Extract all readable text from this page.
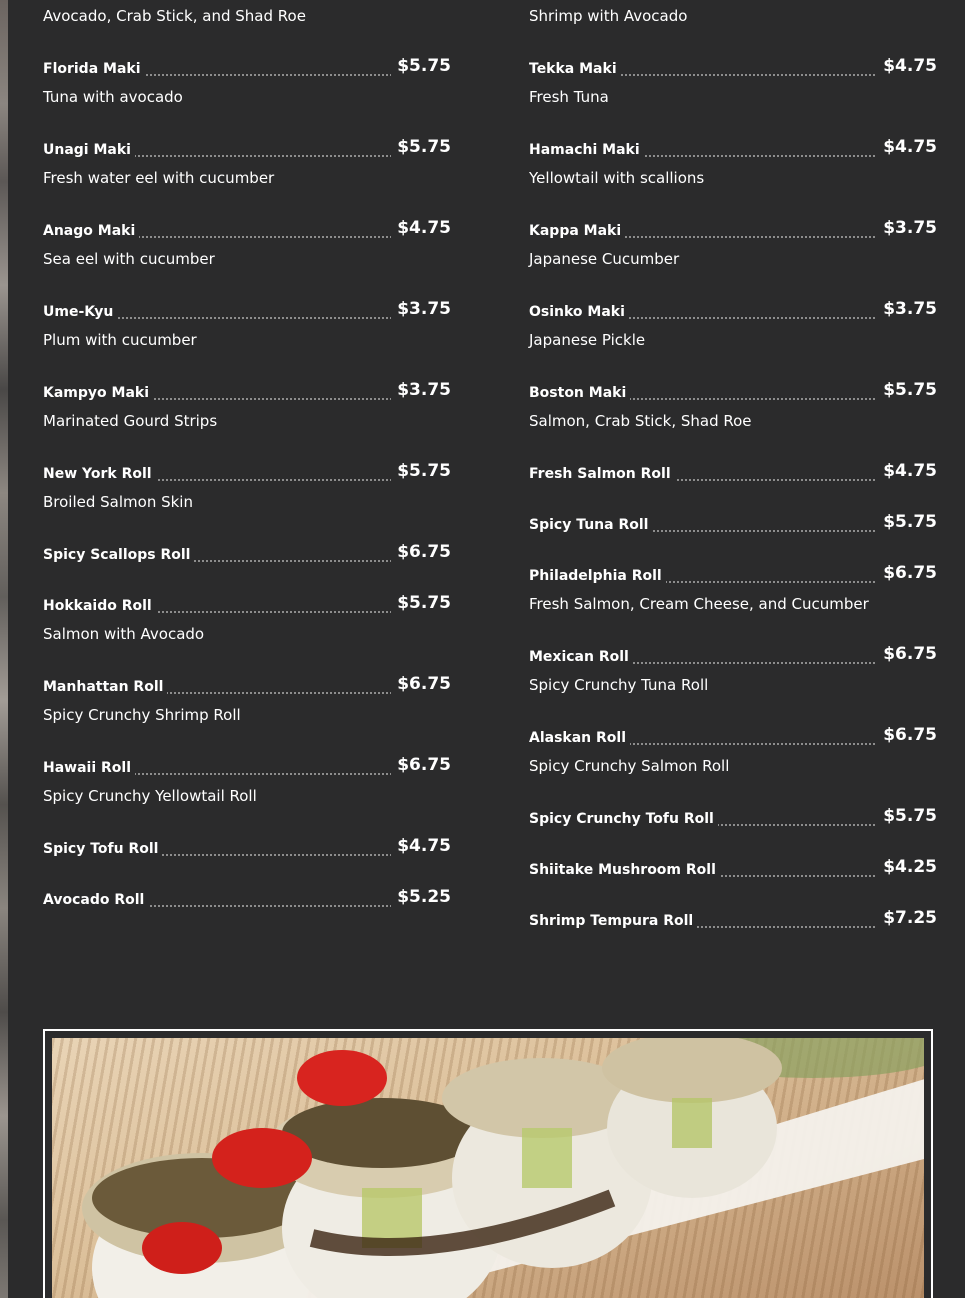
Avocado, Crab Stick, and Shad Roe	Shrimp with Avocado
Florida Maki	$5.75
Tuna with avocado
Unagi Maki	$5.75
Fresh water eel with cucumber
Anago Maki	$4.75
Sea eel with cucumber
Ume-Kyu	$3.75
Plum with cucumber
Kampyo Maki	$3.75
Marinated Gourd Strips
New York Roll	$5.75
Broiled Salmon Skin
Spicy Scallops Roll	$6.75
Hokkaido Roll	$5.75
Salmon with Avocado
Manhattan Roll	$6.75
Spicy Crunchy Shrimp Roll
Hawaii Roll	$6.75
Spicy Crunchy Yellowtail Roll
Spicy Tofu Roll	$4.75
Avocado Roll	$5.25
Tekka Maki	$4.75
Fresh Tuna
Hamachi Maki	$4.75
Yellowtail with scallions
Kappa Maki	$3.75
Japanese Cucumber
Osinko Maki	$3.75
Japanese Pickle
Boston Maki	$5.75
Salmon, Crab Stick, Shad Roe
Fresh Salmon Roll	$4.75
Spicy Tuna Roll	$5.75
Philadelphia Roll	$6.75
Fresh Salmon, Cream Cheese, and Cucumber
Mexican Roll	$6.75
Spicy Crunchy Tuna Roll
Alaskan Roll	$6.75
Spicy Crunchy Salmon Roll
Spicy Crunchy Tofu Roll	$5.75
Shiitake Mushroom Roll	$4.25
Shrimp Tempura Roll	$7.25
